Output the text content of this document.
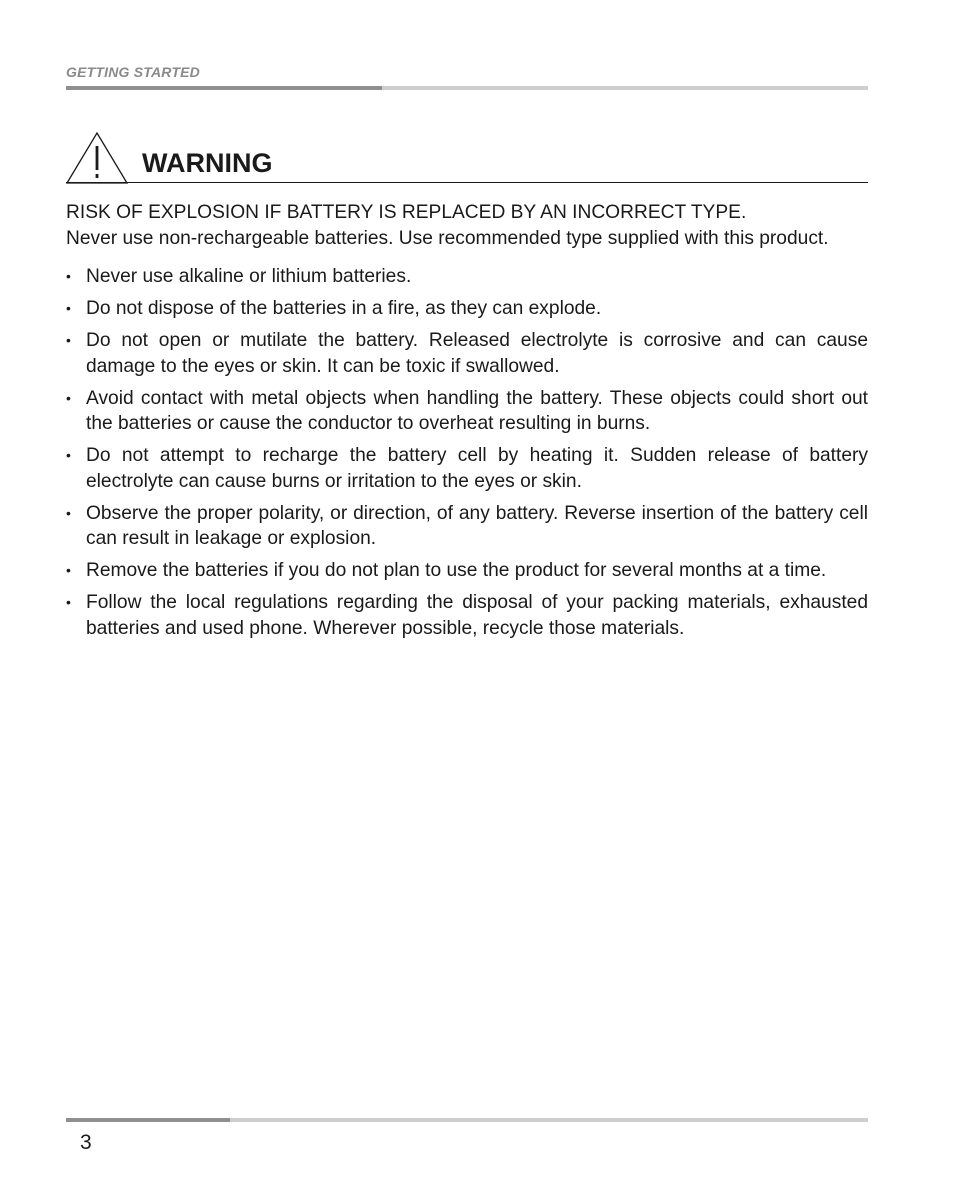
GETTING STARTED
WARNING

RISK OF EXPLOSION IF BATTERY IS REPLACED BY AN INCORRECT TYPE.

Never use non-rechargeable batteries. Use recommended type supplied with this product.

• Never use alkaline or lithium batteries.
• Do not dispose of the batteries in a fire, as they can explode.
• Do not open or mutilate the battery. Released electrolyte is corrosive and can cause damage to the eyes or skin. It can be toxic if swallowed.
• Avoid contact with metal objects when handling the battery. These objects could short out the batteries or cause the conductor to overheat resulting in burns.
• Do not attempt to recharge the battery cell by heating it. Sudden release of battery electrolyte can cause burns or irritation to the eyes or skin.
• Observe the proper polarity, or direction, of any battery. Reverse insertion of the battery cell can result in leakage or explosion.
• Remove the batteries if you do not plan to use the product for several months at a time.
• Follow the local regulations regarding the disposal of your packing materials, exhausted batteries and used phone. Wherever possible, recycle those materials.
3
